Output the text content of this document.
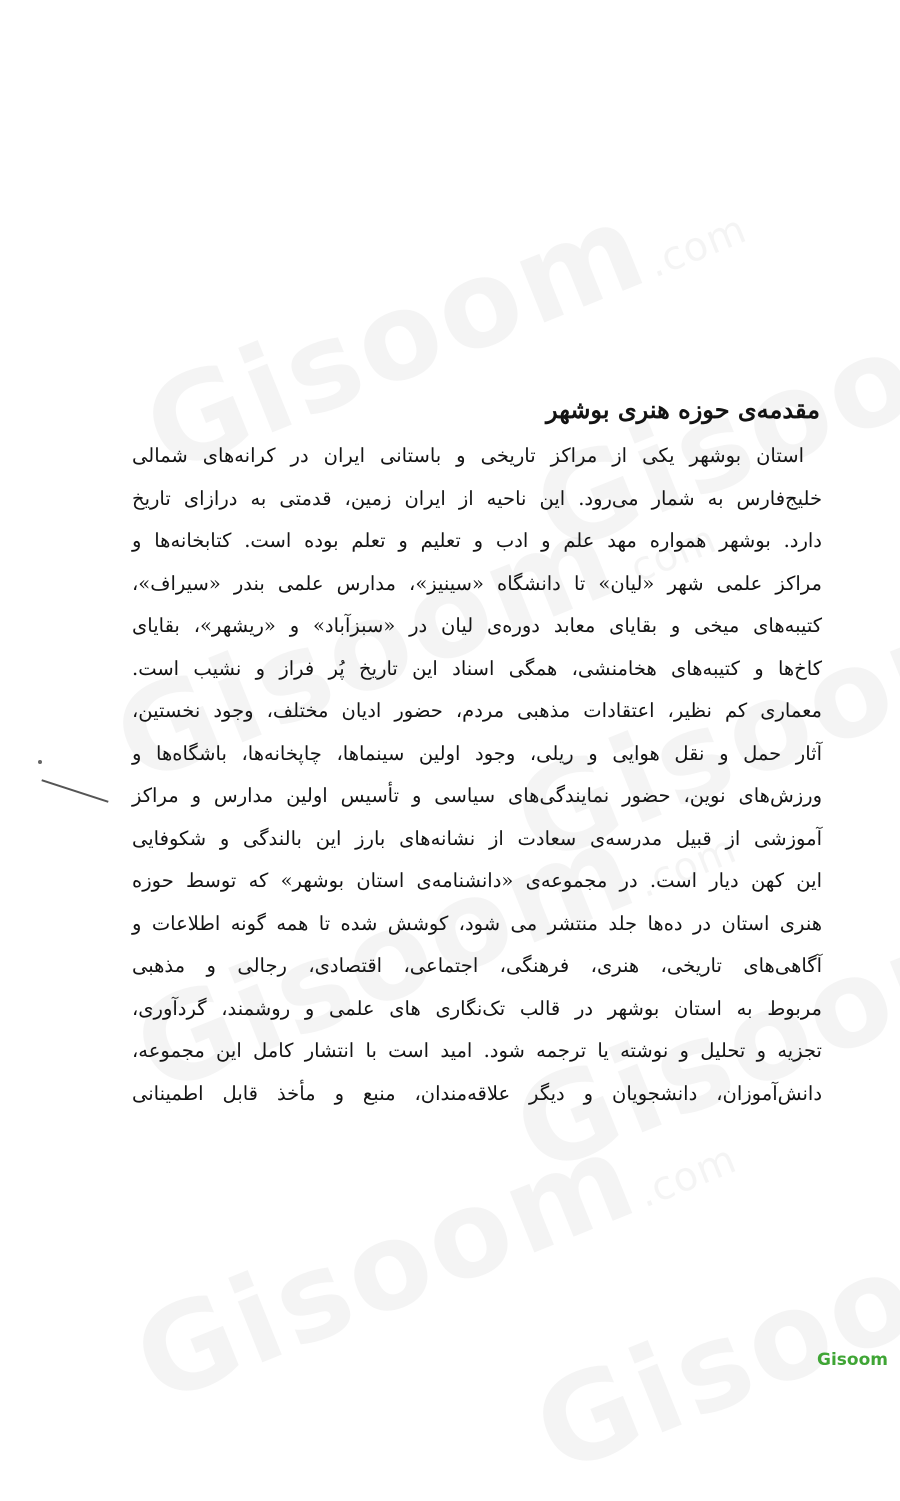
مقدمه‌ی حوزه هنری بوشهر
استان بوشهر یکی از مراکز تاریخی و باستانی ایران در کرانه‌های شمالی
خلیج‌فارس به شمار می‌رود. این ناحیه از ایران زمین، قدمتی به درازای تاریخ
دارد. بوشهر همواره مهد علم و ادب و تعلیم و تعلم بوده است. کتابخانه‌ها و
مراکز علمی شهر «لیان» تا دانشگاه «سینیز»، مدارس علمی بندر «سیراف»،
کتیبه‌های میخی و بقایای معابد دوره‌ی لیان در «سبزآباد» و «ریشهر»، بقایای
کاخ‌ها و کتیبه‌های هخامنشی، همگی اسناد این تاریخ پُر فراز و نشیب است.
معماری کم نظیر، اعتقادات مذهبی مردم، حضور ادیان مختلف، وجود نخستین،
آثار حمل و نقل هوایی و ریلی، وجود اولین سینماها، چاپخانه‌ها، باشگاه‌ها و
ورزش‌های نوین، حضور نمایندگی‌های سیاسی و تأسیس اولین مدارس و مراکز
آموزشی از قبیل مدرسه‌ی سعادت از نشانه‌های بارز این بالندگی و شکوفایی
این کهن دیار است. در مجموعه‌ی «دانشنامه‌ی استان بوشهر» که توسط حوزه
هنری استان در ده‌ها جلد منتشر می شود، کوشش شده تا همه گونه اطلاعات و
آگاهی‌های تاریخی، هنری، فرهنگی، اجتماعی، اقتصادی، رجالی و مذهبی
مربوط به استان بوشهر در قالب تک‌نگاری های علمی و روشمند، گردآوری،
تجزیه و تحلیل و نوشته یا ترجمه شود. امید است با انتشار کامل این مجموعه،
دانش‌آموزان، دانشجویان و دیگر علاقه‌مندان، منبع و مأخذ قابل اطمینانی
Gisoom
